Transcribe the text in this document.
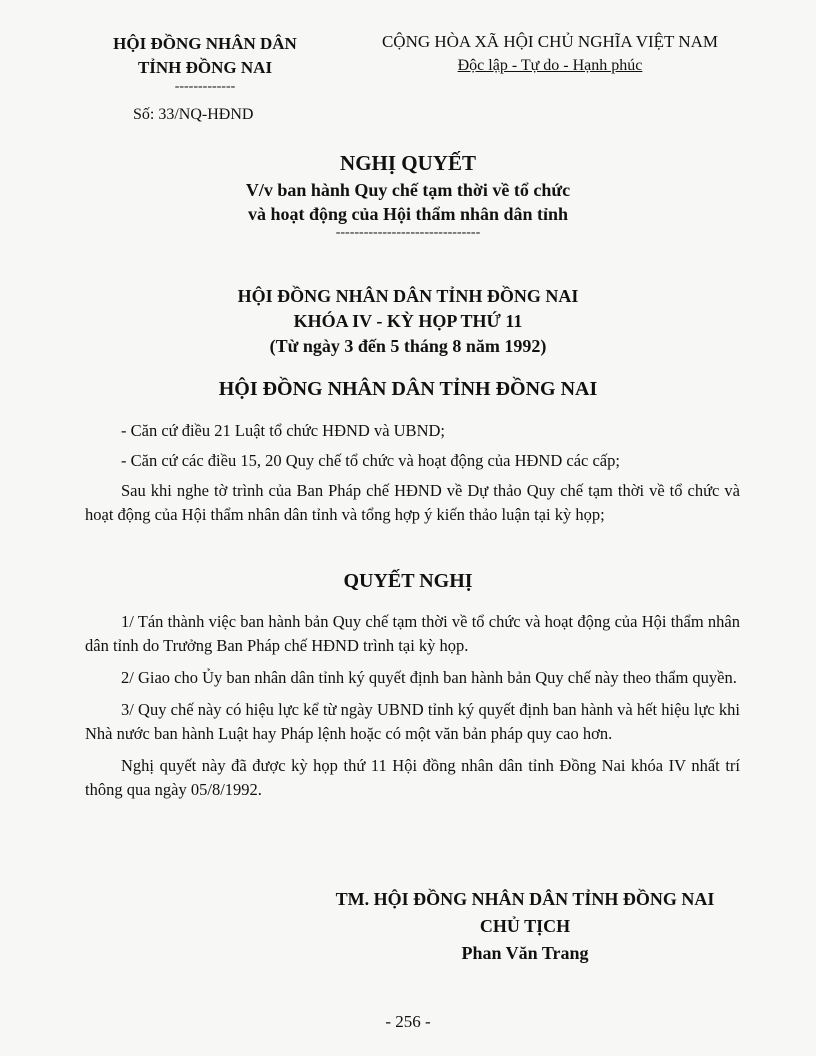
HỘI ĐỒNG NHÂN DÂN
TỈNH ĐỒNG NAI
-------------
CỘNG HÒA XÃ HỘI CHỦ NGHĨA VIỆT NAM
Độc lập - Tự do - Hạnh phúc
Số: 33/NQ-HĐND
NGHỊ QUYẾT
V/v ban hành Quy chế tạm thời về tổ chức
và hoạt động của Hội thẩm nhân dân tỉnh
-------------------------------
HỘI ĐỒNG NHÂN DÂN TỈNH ĐỒNG NAI
KHÓA IV - KỲ HỌP THỨ 11
(Từ ngày 3 đến 5 tháng 8 năm 1992)
HỘI ĐỒNG NHÂN DÂN TỈNH ĐỒNG NAI

- Căn cứ điều 21 Luật tổ chức HĐND và UBND;

- Căn cứ các điều 15, 20 Quy chế tổ chức và hoạt động của HĐND các cấp;

Sau khi nghe tờ trình của Ban Pháp chế HĐND về Dự thảo Quy chế tạm thời về tổ chức và hoạt động của Hội thẩm nhân dân tỉnh và tổng hợp ý kiến thảo luận tại kỳ họp;

QUYẾT NGHỊ

1/ Tán thành việc ban hành bản Quy chế tạm thời về tổ chức và hoạt động của Hội thẩm nhân dân tỉnh do Trưởng Ban Pháp chế HĐND trình tại kỳ họp.

2/ Giao cho Ủy ban nhân dân tỉnh ký quyết định ban hành bản Quy chế này theo thẩm quyền.

3/ Quy chế này có hiệu lực kể từ ngày UBND tỉnh ký quyết định ban hành và hết hiệu lực khi Nhà nước ban hành Luật hay Pháp lệnh hoặc có một văn bản pháp quy cao hơn.

Nghị quyết này đã được kỳ họp thứ 11 Hội đồng nhân dân tỉnh Đồng Nai khóa IV nhất trí thông qua ngày 05/8/1992.

TM. HỘI ĐỒNG NHÂN DÂN TỈNH ĐỒNG NAI
CHỦ TỊCH
Phan Văn Trang
- 256 -
